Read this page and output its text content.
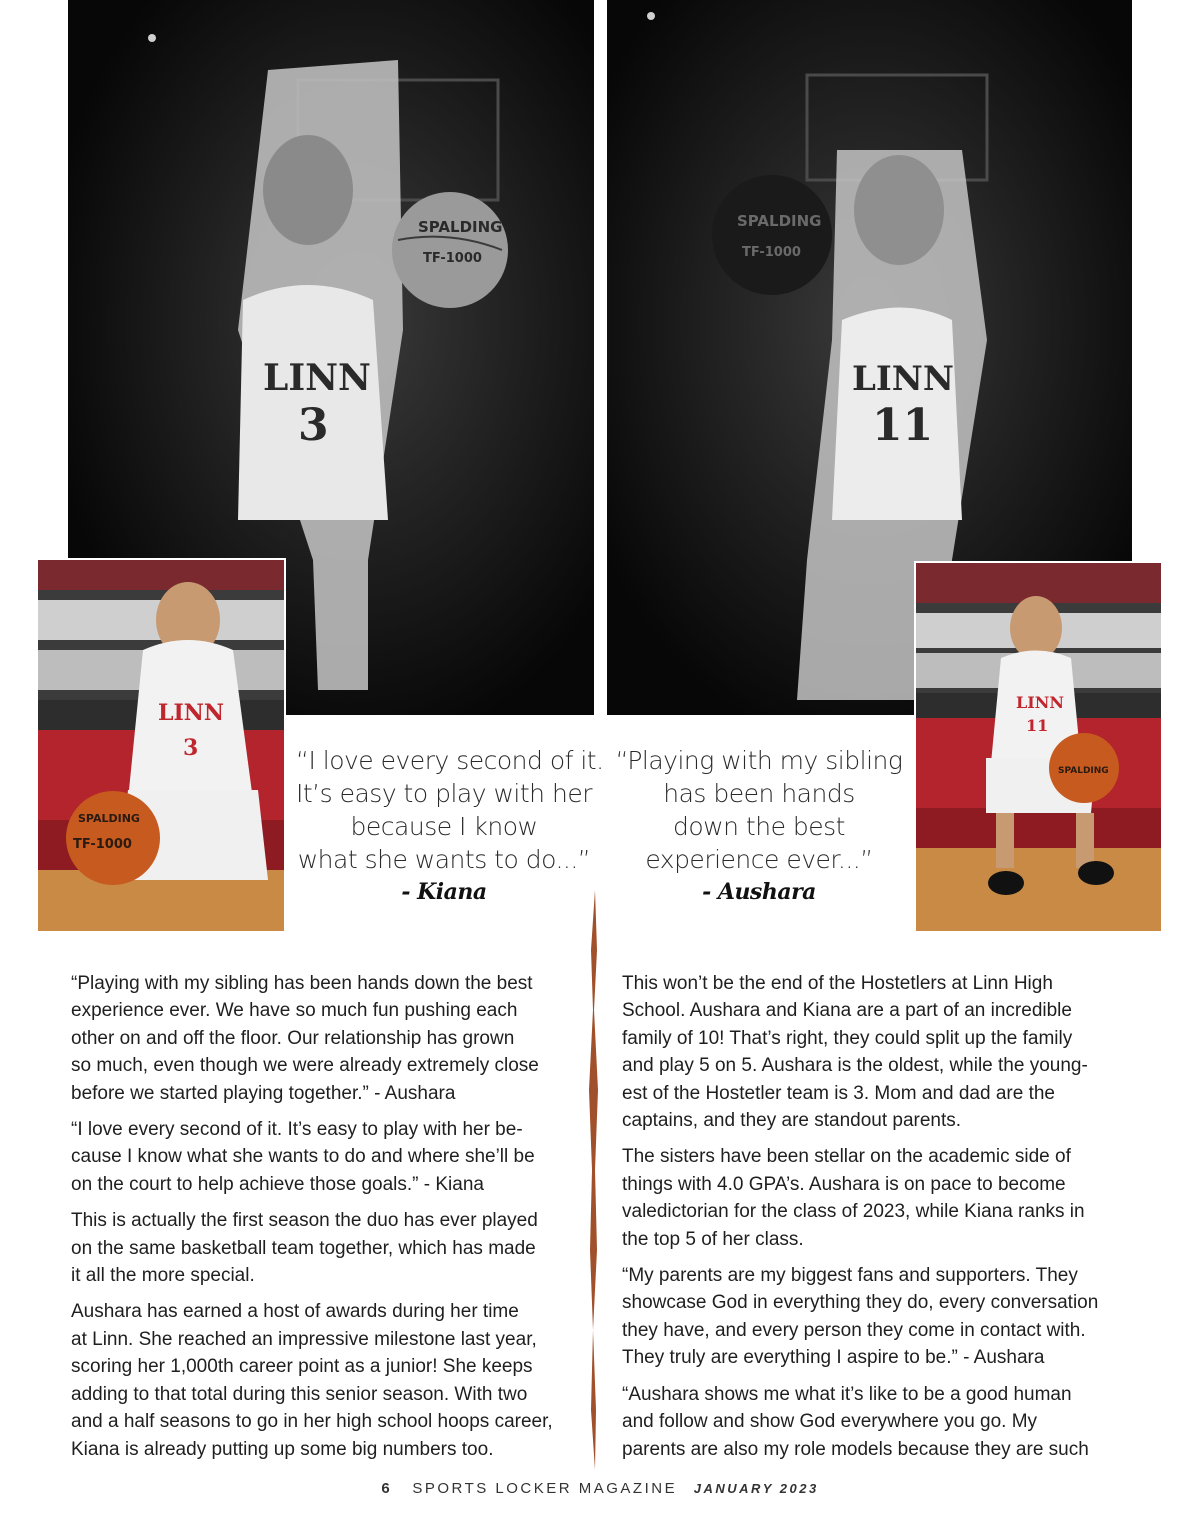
LINN
3
SPALDING
TF-1000
LINN
11
SPALDING
TF-1000
LINN
3
SPALDING
TF-1000
LINN
11
SPALDING
“I love every second of it.
It’s easy to play with her
because I know
what she wants to do...”
- Kiana
“Playing with my sibling
has been hands
down the best
experience ever...”
- Aushara

“Playing with my sibling has been hands down the best
experience ever. We have so much fun pushing each
other on and off the floor. Our relationship has grown
so much, even though we were already extremely close
before we started playing together.” - Aushara

“I love every second of it. It’s easy to play with her be-
cause I know what she wants to do and where she’ll be
on the court to help achieve those goals.” - Kiana

This is actually the first season the duo has ever played
on the same basketball team together, which has made
it all the more special.

Aushara has earned a host of awards during her time
at Linn. She reached an impressive milestone last year,
scoring her 1,000th career point as a junior! She keeps
adding to that total during this senior season. With two
and a half seasons to go in her high school hoops career,
Kiana is already putting up some big numbers too.

This won’t be the end of the Hostetlers at Linn High
School. Aushara and Kiana are a part of an incredible
family of 10! That’s right, they could split up the family
and play 5 on 5. Aushara is the oldest, while the young-
est of the Hostetler team is 3. Mom and dad are the
captains, and they are standout parents.

The sisters have been stellar on the academic side of
things with 4.0 GPA’s. Aushara is on pace to become
valedictorian for the class of 2023, while Kiana ranks in
the top 5 of her class.

“My parents are my biggest fans and supporters. They
showcase God in everything they do, every conversation
they have, and every person they come in contact with.
They truly are everything I aspire to be.” - Aushara

“Aushara shows me what it’s like to be a good human
and follow and show God everywhere you go. My
parents are also my role models because they are such

6 SPORTS LOCKER MAGAZINE JANUARY 2023
